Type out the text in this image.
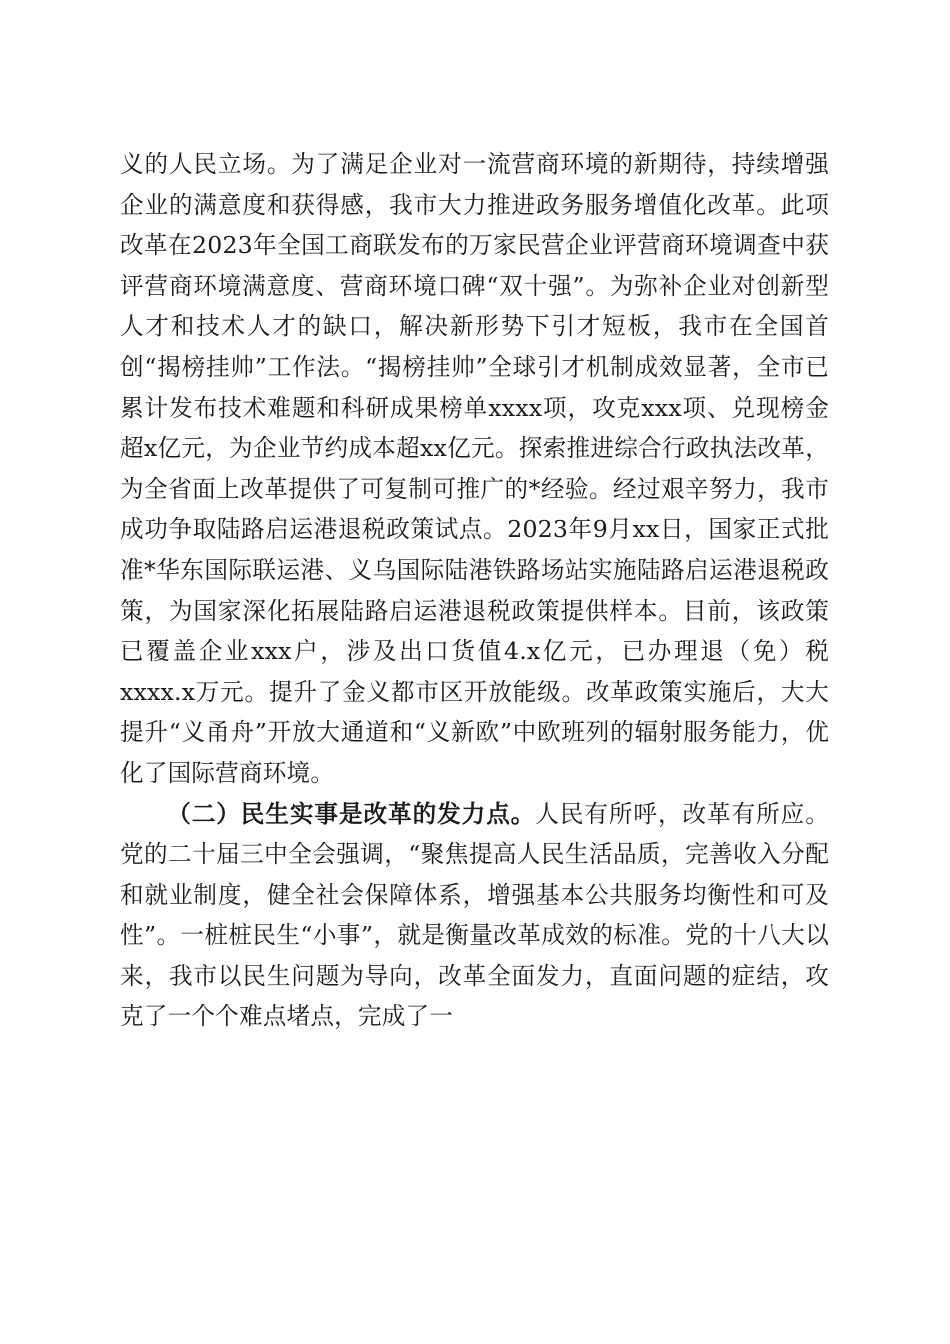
义的人民立场。为了满足企业对一流营商环境的新期待，持续增强企业的满意度和获得感，我市大力推进政务服务增值化改革。此项改革在2023年全国工商联发布的万家民营企业评营商环境调查中获评营商环境满意度、营商环境口碑“双十强”。为弥补企业对创新型人才和技术人才的缺口，解决新形势下引才短板，我市在全国首创“揭榜挂帅”工作法。“揭榜挂帅”全球引才机制成效显著，全市已累计发布技术难题和科研成果榜单xxxx项，攻克xxx项、兑现榜金超x亿元，为企业节约成本超xx亿元。探索推进综合行政执法改革，为全省面上改革提供了可复制可推广的*经验。经过艰辛努力，我市成功争取陆路启运港退税政策试点。2023年9月xx日，国家正式批准*华东国际联运港、义乌国际陆港铁路场站实施陆路启运港退税政策，为国家深化拓展陆路启运港退税政策提供样本。目前，该政策已覆盖企业xxx户，涉及出口货值4.x亿元，已办理退（免）税xxxx.x万元。提升了金义都市区开放能级。改革政策实施后，大大提升“义甬舟”开放大通道和“义新欧”中欧班列的辐射服务能力，优化了国际营商环境。

（二）民生实事是改革的发力点。人民有所呼，改革有所应。党的二十届三中全会强调，“聚焦提高人民生活品质，完善收入分配和就业制度，健全社会保障体系，增强基本公共服务均衡性和可及性”。一桩桩民生“小事”，就是衡量改革成效的标准。党的十八大以来，我市以民生问题为导向，改革全面发力，直面问题的症结，攻克了一个个难点堵点，完成了一
